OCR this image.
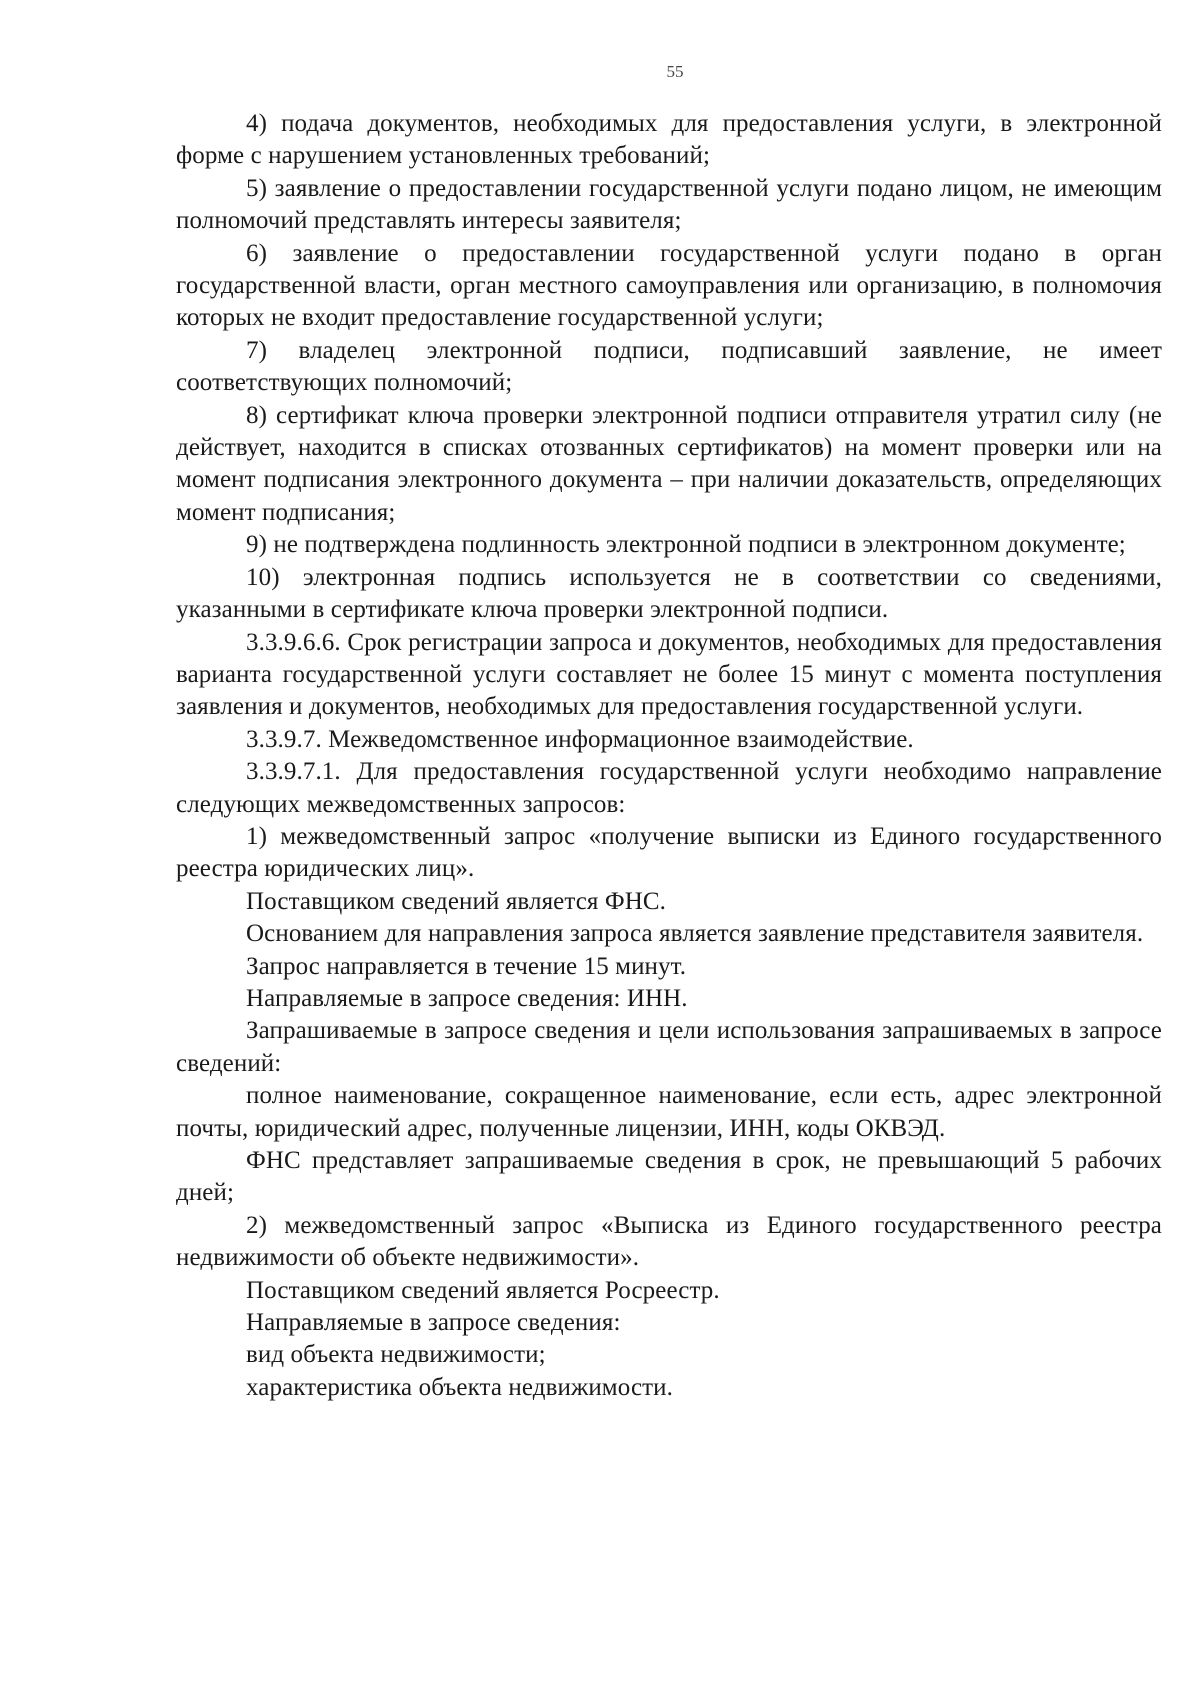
55

4) подача документов, необходимых для предоставления услуги, в электронной форме с нарушением установленных требований;

5) заявление о предоставлении государственной услуги подано лицом, не имеющим полномочий представлять интересы заявителя;

6) заявление о предоставлении государственной услуги подано в орган государственной власти, орган местного самоуправления или организацию, в полномочия которых не входит предоставление государственной услуги;

7) владелец электронной подписи, подписавший заявление, не имеет соответствующих полномочий;

8) сертификат ключа проверки электронной подписи отправителя утратил силу (не действует, находится в списках отозванных сертификатов) на момент проверки или на момент подписания электронного документа – при наличии доказательств, определяющих момент подписания;

9) не подтверждена подлинность электронной подписи в электронном документе;

10) электронная подпись используется не в соответствии со сведениями, указанными в сертификате ключа проверки электронной подписи.

3.3.9.6.6. Срок регистрации запроса и документов, необходимых для предоставления варианта государственной услуги составляет не более 15 минут с момента поступления заявления и документов, необходимых для предоставления государственной услуги.

3.3.9.7. Межведомственное информационное взаимодействие.

3.3.9.7.1. Для предоставления государственной услуги необходимо направление следующих межведомственных запросов:

1) межведомственный запрос «получение выписки из Единого государственного реестра юридических лиц».

Поставщиком сведений является ФНС.

Основанием для направления запроса является заявление представителя заявителя.

Запрос направляется в течение 15 минут.

Направляемые в запросе сведения: ИНН.

Запрашиваемые в запросе сведения и цели использования запрашиваемых в запросе сведений:

полное наименование, сокращенное наименование, если есть, адрес электронной почты, юридический адрес, полученные лицензии, ИНН, коды ОКВЭД.

ФНС представляет запрашиваемые сведения в срок, не превышающий 5 рабочих дней;

2) межведомственный запрос «Выписка из Единого государственного реестра недвижимости об объекте недвижимости».

Поставщиком сведений является Росреестр.

Направляемые в запросе сведения:

вид объекта недвижимости;

характеристика объекта недвижимости.
